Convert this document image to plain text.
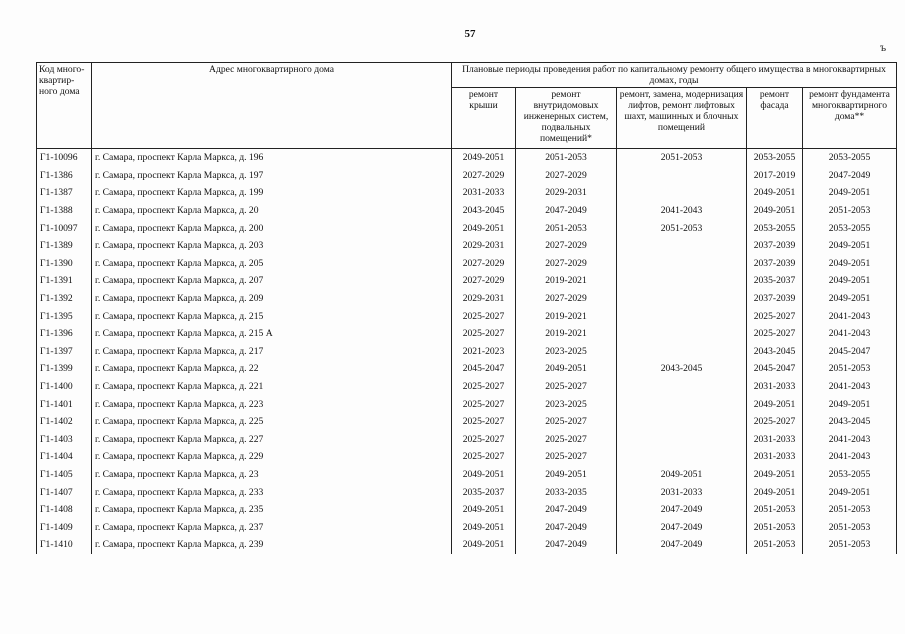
57
ъ
Код много-квартир-ного дома	Адрес многоквартирного дома	Плановые периоды проведения работ по капитальному ремонту общего имущества в многоквартирных домах, годы				
		ремонт крыши	ремонт внутридомовых инженерных систем, подвальных помещений*	ремонт, замена, модернизация лифтов, ремонт лифтовых шахт, машинных и блочных помещений	ремонт фасада	ремонт фундамента многоквартирного дома**
Г1-10096	г. Самара, проспект Карла Маркса, д. 196	2049-2051	2051-2053	2051-2053	2053-2055	2053-2055
Г1-1386	г. Самара, проспект Карла Маркса, д. 197	2027-2029	2027-2029		2017-2019	2047-2049
Г1-1387	г. Самара, проспект Карла Маркса, д. 199	2031-2033	2029-2031		2049-2051	2049-2051
Г1-1388	г. Самара, проспект Карла Маркса, д. 20	2043-2045	2047-2049	2041-2043	2049-2051	2051-2053
Г1-10097	г. Самара, проспект Карла Маркса, д. 200	2049-2051	2051-2053	2051-2053	2053-2055	2053-2055
Г1-1389	г. Самара, проспект Карла Маркса, д. 203	2029-2031	2027-2029		2037-2039	2049-2051
Г1-1390	г. Самара, проспект Карла Маркса, д. 205	2027-2029	2027-2029		2037-2039	2049-2051
Г1-1391	г. Самара, проспект Карла Маркса, д. 207	2027-2029	2019-2021		2035-2037	2049-2051
Г1-1392	г. Самара, проспект Карла Маркса, д. 209	2029-2031	2027-2029		2037-2039	2049-2051
Г1-1395	г. Самара, проспект Карла Маркса, д. 215	2025-2027	2019-2021		2025-2027	2041-2043
Г1-1396	г. Самара, проспект Карла Маркса, д. 215 А	2025-2027	2019-2021		2025-2027	2041-2043
Г1-1397	г. Самара, проспект Карла Маркса, д. 217	2021-2023	2023-2025		2043-2045	2045-2047
Г1-1399	г. Самара, проспект Карла Маркса, д. 22	2045-2047	2049-2051	2043-2045	2045-2047	2051-2053
Г1-1400	г. Самара, проспект Карла Маркса, д. 221	2025-2027	2025-2027		2031-2033	2041-2043
Г1-1401	г. Самара, проспект Карла Маркса, д. 223	2025-2027	2023-2025		2049-2051	2049-2051
Г1-1402	г. Самара, проспект Карла Маркса, д. 225	2025-2027	2025-2027		2025-2027	2043-2045
Г1-1403	г. Самара, проспект Карла Маркса, д. 227	2025-2027	2025-2027		2031-2033	2041-2043
Г1-1404	г. Самара, проспект Карла Маркса, д. 229	2025-2027	2025-2027		2031-2033	2041-2043
Г1-1405	г. Самара, проспект Карла Маркса, д. 23	2049-2051	2049-2051	2049-2051	2049-2051	2053-2055
Г1-1407	г. Самара, проспект Карла Маркса, д. 233	2035-2037	2033-2035	2031-2033	2049-2051	2049-2051
Г1-1408	г. Самара, проспект Карла Маркса, д. 235	2049-2051	2047-2049	2047-2049	2051-2053	2051-2053
Г1-1409	г. Самара, проспект Карла Маркса, д. 237	2049-2051	2047-2049	2047-2049	2051-2053	2051-2053
Г1-1410	г. Самара, проспект Карла Маркса, д. 239	2049-2051	2047-2049	2047-2049	2051-2053	2051-2053
